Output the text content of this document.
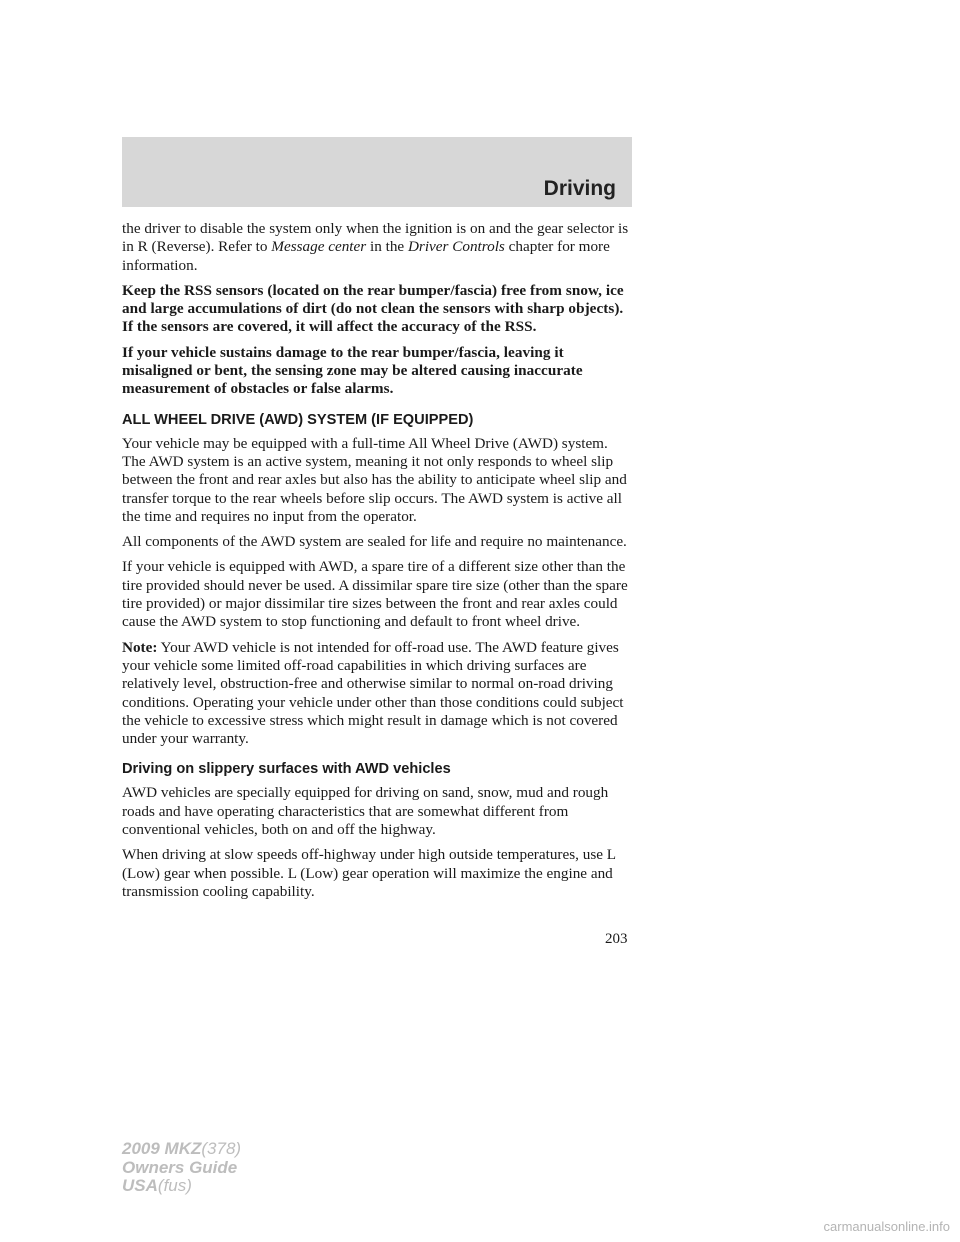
Driving

the driver to disable the system only when the ignition is on and the gear selector is in R (Reverse). Refer to Message center in the Driver Controls chapter for more information.

Keep the RSS sensors (located on the rear bumper/fascia) free from snow, ice and large accumulations of dirt (do not clean the sensors with sharp objects). If the sensors are covered, it will affect the accuracy of the RSS.

If your vehicle sustains damage to the rear bumper/fascia, leaving it misaligned or bent, the sensing zone may be altered causing inaccurate measurement of obstacles or false alarms.

ALL WHEEL DRIVE (AWD) SYSTEM (IF EQUIPPED)

Your vehicle may be equipped with a full-time All Wheel Drive (AWD) system. The AWD system is an active system, meaning it not only responds to wheel slip between the front and rear axles but also has the ability to anticipate wheel slip and transfer torque to the rear wheels before slip occurs. The AWD system is active all the time and requires no input from the operator.

All components of the AWD system are sealed for life and require no maintenance.

If your vehicle is equipped with AWD, a spare tire of a different size other than the tire provided should never be used. A dissimilar spare tire size (other than the spare tire provided) or major dissimilar tire sizes between the front and rear axles could cause the AWD system to stop functioning and default to front wheel drive.

Note: Your AWD vehicle is not intended for off-road use. The AWD feature gives your vehicle some limited off-road capabilities in which driving surfaces are relatively level, obstruction-free and otherwise similar to normal on-road driving conditions. Operating your vehicle under other than those conditions could subject the vehicle to excessive stress which might result in damage which is not covered under your warranty.

Driving on slippery surfaces with AWD vehicles

AWD vehicles are specially equipped for driving on sand, snow, mud and rough roads and have operating characteristics that are somewhat different from conventional vehicles, both on and off the highway.

When driving at slow speeds off-highway under high outside temperatures, use L (Low) gear when possible. L (Low) gear operation will maximize the engine and transmission cooling capability.

203
2009 MKZ(378)
Owners Guide
USA(fus)
carmanualsonline.info
